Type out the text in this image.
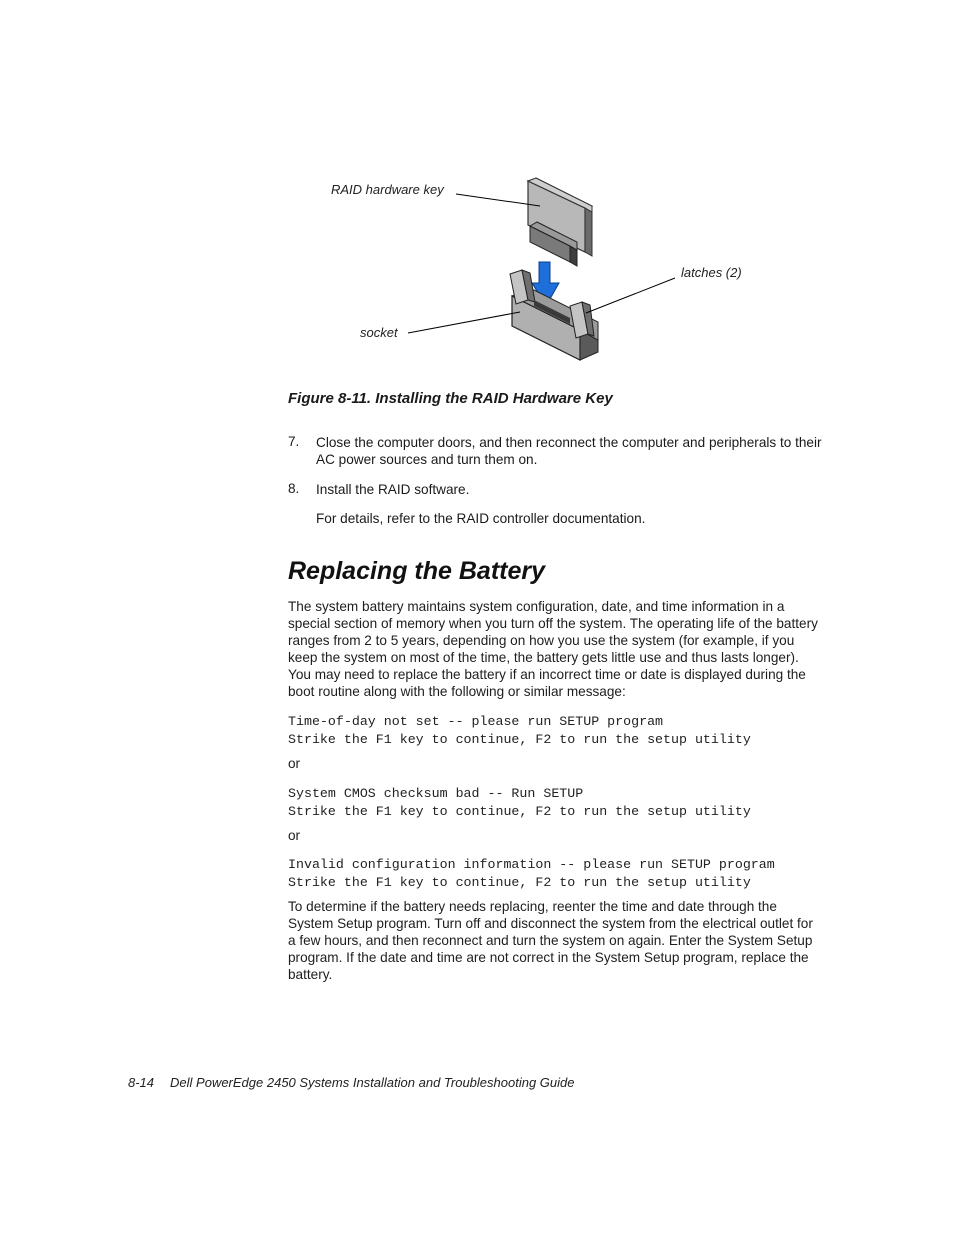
RAID hardware key
latches (2)
socket
Figure 8-11. Installing the RAID Hardware Key
7. Close the computer doors, and then reconnect the computer and peripherals to their AC power sources and turn them on.

8. Install the RAID software.

For details, refer to the RAID controller documentation.

Replacing the Battery

The system battery maintains system configuration, date, and time information in a special section of memory when you turn off the system. The operating life of the battery ranges from 2 to 5 years, depending on how you use the system (for example, if you keep the system on most of the time, the battery gets little use and thus lasts longer). You may need to replace the battery if an incorrect time or date is displayed during the boot routine along with the following or similar message:

Time-of-day not set -- please run SETUP program
Strike the F1 key to continue, F2 to run the setup utility
or
System CMOS checksum bad -- Run SETUP
Strike the F1 key to continue, F2 to run the setup utility
or
Invalid configuration information -- please run SETUP program
Strike the F1 key to continue, F2 to run the setup utility

To determine if the battery needs replacing, reenter the time and date through the System Setup program. Turn off and disconnect the system from the electrical outlet for a few hours, and then reconnect and turn the system on again. Enter the System Setup program. If the date and time are not correct in the System Setup program, replace the battery.

8-14 Dell PowerEdge 2450 Systems Installation and Troubleshooting Guide
